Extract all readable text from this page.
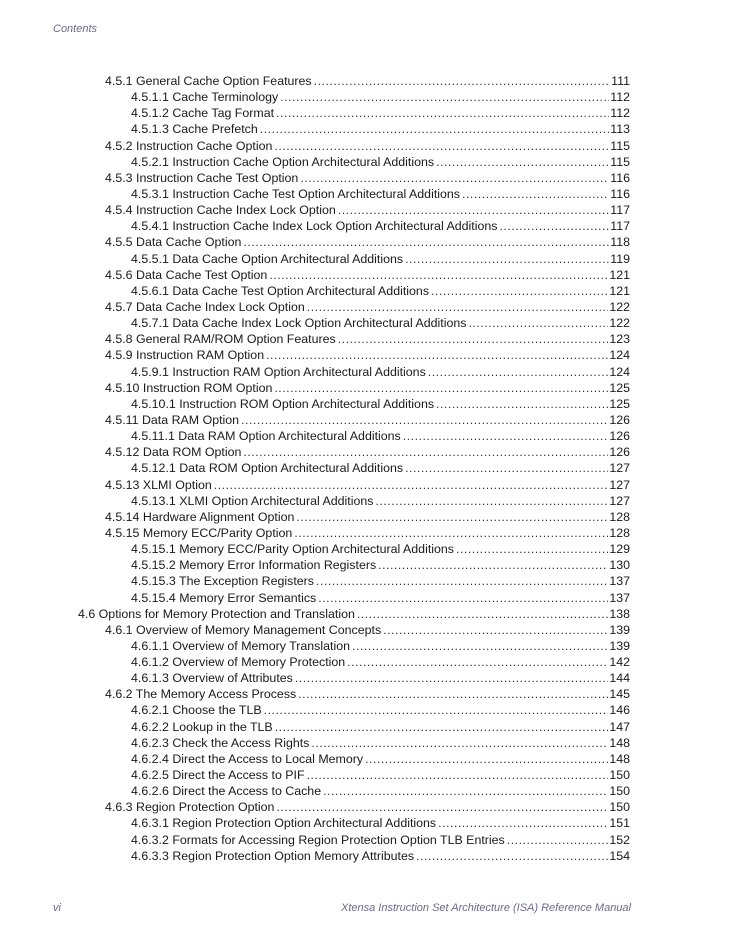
Contents
4.5.1 General Cache Option Features .....	111
4.5.1.1 Cache Terminology .....	112
4.5.1.2 Cache Tag Format .....	112
4.5.1.3 Cache Prefetch .....	113
4.5.2 Instruction Cache Option .....	115
4.5.2.1 Instruction Cache Option Architectural Additions .....	115
4.5.3 Instruction Cache Test Option .....	116
4.5.3.1 Instruction Cache Test Option Architectural Additions .....	116
4.5.4 Instruction Cache Index Lock Option .....	117
4.5.4.1 Instruction Cache Index Lock Option Architectural Additions .....	117
4.5.5 Data Cache Option .....	118
4.5.5.1 Data Cache Option Architectural Additions .....	119
4.5.6 Data Cache Test Option .....	121
4.5.6.1 Data Cache Test Option Architectural Additions .....	121
4.5.7 Data Cache Index Lock Option .....	122
4.5.7.1 Data Cache Index Lock Option Architectural Additions .....	122
4.5.8 General RAM/ROM Option Features .....	123
4.5.9 Instruction RAM Option .....	124
4.5.9.1 Instruction RAM Option Architectural Additions .....	124
4.5.10 Instruction ROM Option .....	125
4.5.10.1 Instruction ROM Option Architectural Additions .....	125
4.5.11 Data RAM Option .....	126
4.5.11.1 Data RAM Option Architectural Additions .....	126
4.5.12 Data ROM Option .....	126
4.5.12.1 Data ROM Option Architectural Additions .....	127
4.5.13 XLMI Option .....	127
4.5.13.1 XLMI Option Architectural Additions .....	127
4.5.14 Hardware Alignment Option .....	128
4.5.15 Memory ECC/Parity Option .....	128
4.5.15.1 Memory ECC/Parity Option Architectural Additions .....	129
4.5.15.2 Memory Error Information Registers .....	130
4.5.15.3 The Exception Registers .....	137
4.5.15.4 Memory Error Semantics .....	137
4.6 Options for Memory Protection and Translation .....	138
4.6.1 Overview of Memory Management Concepts .....	139
4.6.1.1 Overview of Memory Translation .....	139
4.6.1.2 Overview of Memory Protection .....	142
4.6.1.3 Overview of Attributes .....	144
4.6.2 The Memory Access Process .....	145
4.6.2.1 Choose the TLB .....	146
4.6.2.2 Lookup in the TLB .....	147
4.6.2.3 Check the Access Rights .....	148
4.6.2.4 Direct the Access to Local Memory .....	148
4.6.2.5 Direct the Access to PIF .....	150
4.6.2.6 Direct the Access to Cache .....	150
4.6.3 Region Protection Option .....	150
4.6.3.1 Region Protection Option Architectural Additions .....	151
4.6.3.2 Formats for Accessing Region Protection Option TLB Entries .....	152
4.6.3.3 Region Protection Option Memory Attributes .....	154
vi	Xtensa Instruction Set Architecture (ISA) Reference Manual
